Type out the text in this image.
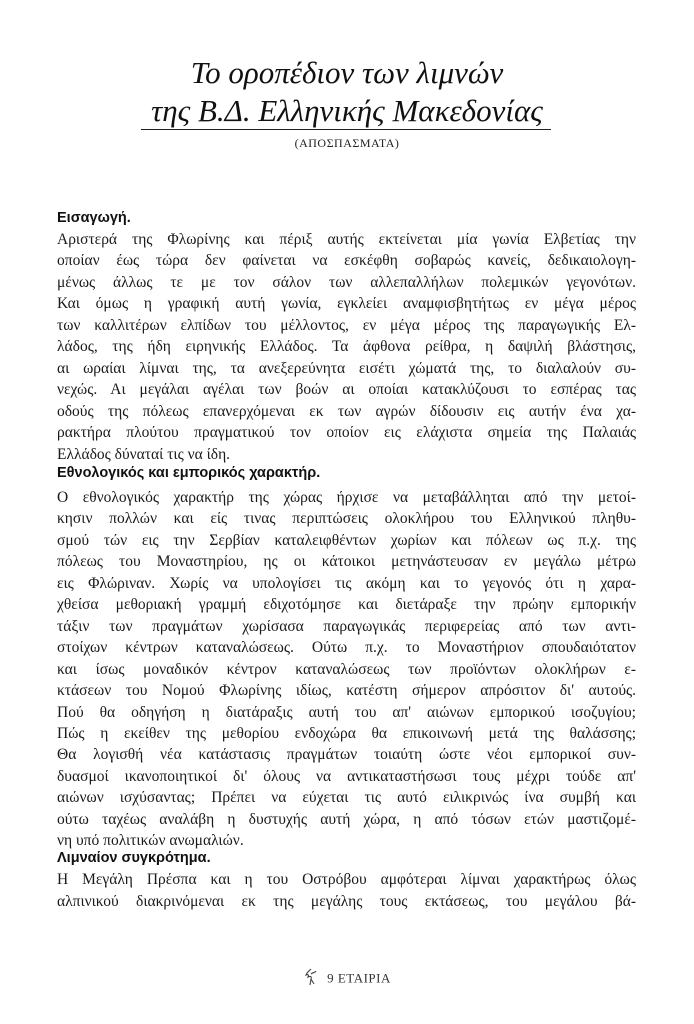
Το οροπέδιον των λιμνών
της Β.Δ. Ελληνικής Μακεδονίας
(ΑΠΟΣΠΑΣΜΑΤΑ)
Εισαγωγή.
Αριστερά της Φλωρίνης και πέριξ αυτής εκτείνεται μία γωνία Ελβετίας την
οποίαν έως τώρα δεν φαίνεται να εσκέφθη σοβαρώς κανείς, δεδικαιολογη-
μένως άλλως τε με τον σάλον των αλλεπαλλήλων πολεμικών γεγονότων.
Και όμως η γραφική αυτή γωνία, εγκλείει αναμφισβητήτως εν μέγα μέρος
των καλλιτέρων ελπίδων του μέλλοντος, εν μέγα μέρος της παραγωγικής Ελ-
λάδος, της ήδη ειρηνικής Ελλάδος. Τα άφθονα ρείθρα, η δαψιλή βλάστησις,
αι ωραίαι λίμναι της, τα ανεξερεύνητα εισέτι χώματά της, το διαλαλούν συ-
νεχώς. Αι μεγάλαι αγέλαι των βοών αι οποίαι κατακλύζουσι το εσπέρας τας
οδούς της πόλεως επανερχόμεναι εκ των αγρών δίδουσιν εις αυτήν ένα χα-
ρακτήρα πλούτου πραγματικού τον οποίον εις ελάχιστα σημεία της Παλαιάς
Ελλάδος δύναταί τις να ίδη.
Εθνολογικός και εμπορικός χαρακτήρ.
Ο εθνολογικός χαρακτήρ της χώρας ήρχισε να μεταβάλληται από την μετοί-
κησιν πολλών και είς τινας περιπτώσεις ολοκλήρου του Ελληνικού πληθυ-
σμού τών εις την Σερβίαν καταλειφθέντων χωρίων και πόλεων ως π.χ. της
πόλεως του Μοναστηρίου, ης οι κάτοικοι μετηνάστευσαν εν μεγάλω μέτρω
εις Φλώριναν. Χωρίς να υπολογίσει τις ακόμη και το γεγονός ότι η χαρα-
χθείσα μεθοριακή γραμμή εδιχοτόμησε και διετάραξε την πρώην εμπορικήν
τάξιν των πραγμάτων χωρίσασα παραγωγικάς περιφερείας από των αντι-
στοίχων κέντρων καταναλώσεως. Ούτω π.χ. το Μοναστήριον σπουδαιότατον
και ίσως μοναδικόν κέντρον καταναλώσεως των προϊόντων ολοκλήρων ε-
κτάσεων του Νομού Φλωρίνης ιδίως, κατέστη σήμερον απρόσιτον δι' αυτούς.
Πού θα οδηγήση η διατάραξις αυτή του απ' αιώνων εμπορικού ισοζυγίου;
Πώς η εκείθεν της μεθορίου ενδοχώρα θα επικοινωνή μετά της θαλάσσης;
Θα λογισθή νέα κατάστασις πραγμάτων τοιαύτη ώστε νέοι εμπορικοί συν-
δυασμοί ικανοποιητικοί δι' όλους να αντικαταστήσωσι τους μέχρι τούδε απ'
αιώνων ισχύσαντας; Πρέπει να εύχεται τις αυτό ειλικρινώς ίνα συμβή και
ούτω ταχέως αναλάβη η δυστυχής αυτή χώρα, η από τόσων ετών μαστιζομέ-
νη υπό πολιτικών ανωμαλιών.
Λιμναίον συγκρότημα.
Η Μεγάλη Πρέσπα και η του Οστρόβου αμφότεραι λίμναι χαρακτήρως όλως
αλπινικού διακρινόμεναι εκ της μεγάλης τους εκτάσεως, του μεγάλου βά-
9 ΕΤΑΙΡΙΑ
